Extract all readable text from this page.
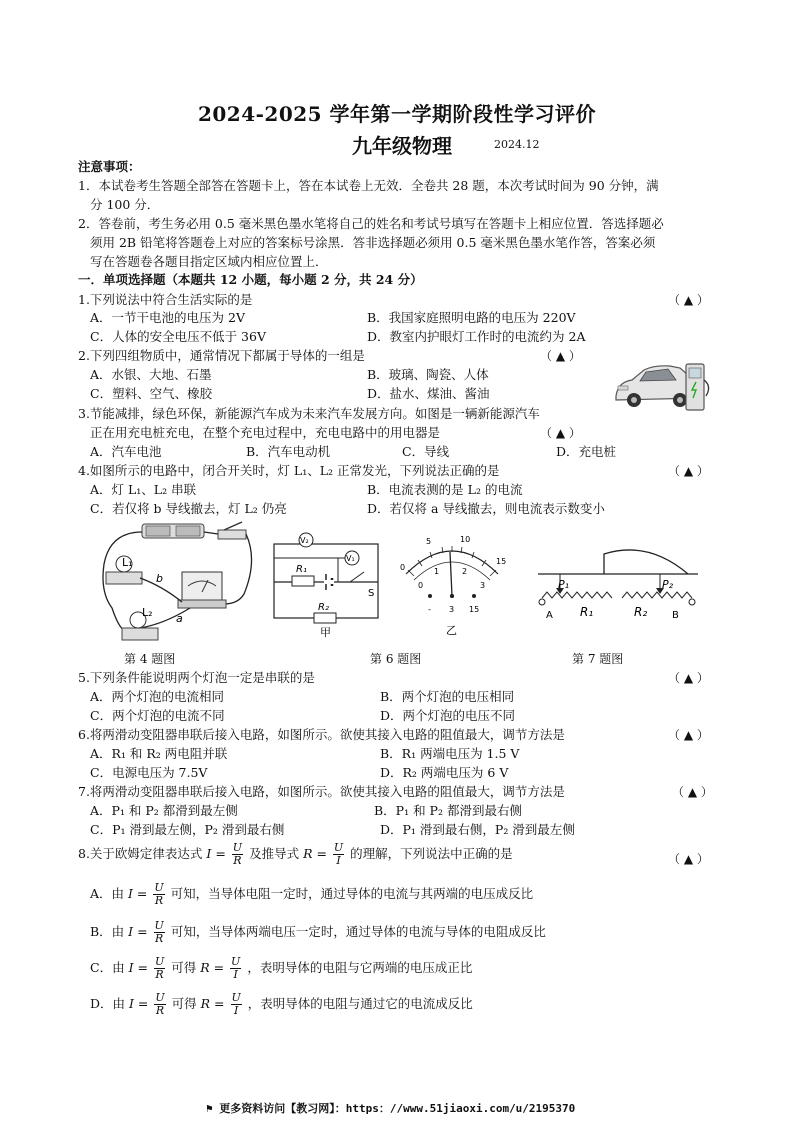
2024-2025 学年第一学期阶段性学习评价
九年级物理	2024.12
注意事项：
1．本试卷考生答题全部答在答题卡上，答在本试卷上无效．全卷共 28 题，本次考试时间为 90 分钟，满
分 100 分．
2．答卷前，考生务必用 0.5 毫米黑色墨水笔将自己的姓名和考试号填写在答题卡上相应位置．答选择题必
须用 2B 铅笔将答题卷上对应的答案标号涂黑．答非选择题必须用 0.5 毫米黑色墨水笔作答，答案必须
写在答题卷各题目指定区域内相应位置上．
一．单项选择题（本题共 12 小题，每小题 2 分，共 24 分）
1.下列说法中符合生活实际的是	（ ▲ ）
A．一节干电池的电压为 2V	B．我国家庭照明电路的电压为 220V
C．人体的安全电压不低于 36V	D．教室内护眼灯工作时的电流约为 2A
2.下列四组物质中，通常情况下都属于导体的一组是	（ ▲ ）
A．水银、大地、石墨	B．玻璃、陶瓷、人体
C．塑料、空气、橡胶	D．盐水、煤油、酱油
3.节能减排，绿色环保，新能源汽车成为未来汽车发展方向。如图是一辆新能源汽车
正在用充电桩充电，在整个充电过程中，充电电路中的用电器是	（ ▲ ）
A．汽车电池	B．汽车电动机	C．导线	D．充电桩
4.如图所示的电路中，闭合开关时，灯 L₁、L₂ 正常发光，下列说法正确的是	（ ▲ ）
A．灯 L₁、L₂ 串联	B．电流表测的是 L₂ 的电流
C．若仅将 b 导线撤去，灯 L₂ 仍亮	D．若仅将 a 导线撤去，则电流表示数变小
L₁
b
a
L₂
V₂
V₁
R₁
S
R₂
甲
0
5	10
15
0
1	2
3
- 3 15
乙
P₁	P₂
R₁	R₂
A	B
第 4 题图	第 6 题图	第 7 题图
5.下列条件能说明两个灯泡一定是串联的是	（ ▲ ）
A．两个灯泡的电流相同	B．两个灯泡的电压相同
C．两个灯泡的电流不同	D．两个灯泡的电压不同
6.将两滑动变阻器串联后接入电路，如图所示。欲使其接入电路的阻值最大，调节方法是	（ ▲ ）
A．R₁ 和 R₂ 两电阻并联	B．R₁ 两端电压为 1.5 V
C．电源电压为 7.5V	D．R₂ 两端电压为 6 V
7.将两滑动变阻器串联后接入电路，如图所示。欲使其接入电路的阻值最大，调节方法是	（ ▲ ）
A．P₁ 和 P₂ 都滑到最左侧	B．P₁ 和 P₂ 都滑到最右侧
C．P₁ 滑到最左侧，P₂ 滑到最右侧	D．P₁ 滑到最右侧，P₂ 滑到最左侧
8.关于欧姆定律表达式 $I = \frac{U}{R}$ 及推导式 $R = \frac{U}{I}$ 的理解，下列说法中正确的是	（ ▲ ）
A．由 $I = \frac{U}{R}$ 可知，当导体电阻一定时，通过导体的电流与其两端的电压成反比
B．由 $I = \frac{U}{R}$ 可知，当导体两端电压一定时，通过导体的电流与导体的电阻成反比
C．由 $I = \frac{U}{R}$ 可得 $R = \frac{U}{I}$ ，表明导体的电阻与它两端的电压成正比
D．由 $I = \frac{U}{R}$ 可得 $R = \frac{U}{I}$ ，表明导体的电阻与通过它的电流成反比
⚑ 更多资料访问【教习网】：https：//www.51jiaoxi.com/u/2195370
